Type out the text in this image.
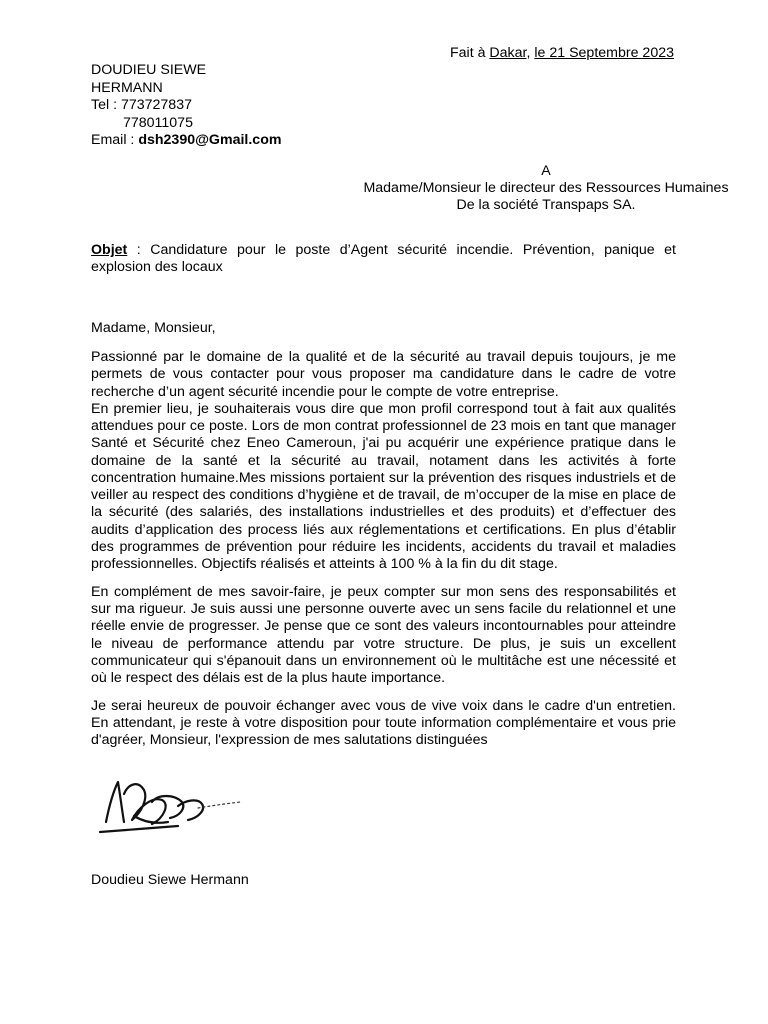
Fait à Dakar, le 21 Septembre 2023
DOUDIEU SIEWE
HERMANN
Tel : 773727837
778011075
Email : dsh2390@Gmail.com
A
Madame/Monsieur le directeur des Ressources Humaines
De la société Transpaps SA.
Objet : Candidature pour le poste d’Agent sécurité incendie. Prévention, panique et explosion des locaux
Madame, Monsieur,

Passionné par le domaine de la qualité et de la sécurité au travail depuis toujours, je me permets de vous contacter pour vous proposer ma candidature dans le cadre de votre recherche d’un agent sécurité incendie pour le compte de votre entreprise.

En premier lieu, je souhaiterais vous dire que mon profil correspond tout à fait aux qualités attendues pour ce poste. Lors de mon contrat professionnel de 23 mois en tant que manager Santé et Sécurité chez Eneo Cameroun, j'ai pu acquérir une expérience pratique dans le domaine de la santé et la sécurité au travail, notament dans les activités à forte concentration humaine.Mes missions portaient sur la prévention des risques industriels et de veiller au respect des conditions d’hygiène et de travail, de m’occuper de la mise en place de la sécurité (des salariés, des installations industrielles et des produits) et d’effectuer des audits d’application des process liés aux réglementations et certifications. En plus d’établir des programmes de prévention pour réduire les incidents, accidents du travail et maladies professionnelles. Objectifs réalisés et atteints à 100 % à la fin du dit stage.

En complément de mes savoir-faire, je peux compter sur mon sens des responsabilités et sur ma rigueur. Je suis aussi une personne ouverte avec un sens facile du relationnel et une réelle envie de progresser. Je pense que ce sont des valeurs incontournables pour atteindre le niveau de performance attendu par votre structure. De plus, je suis un excellent communicateur qui s'épanouit dans un environnement où le multitâche est une nécessité et où le respect des délais est de la plus haute importance.

Je serai heureux de pouvoir échanger avec vous de vive voix dans le cadre d'un entretien. En attendant, je reste à votre disposition pour toute information complémentaire et vous prie d'agréer, Monsieur, l'expression de mes salutations distinguées

Doudieu Siewe Hermann
